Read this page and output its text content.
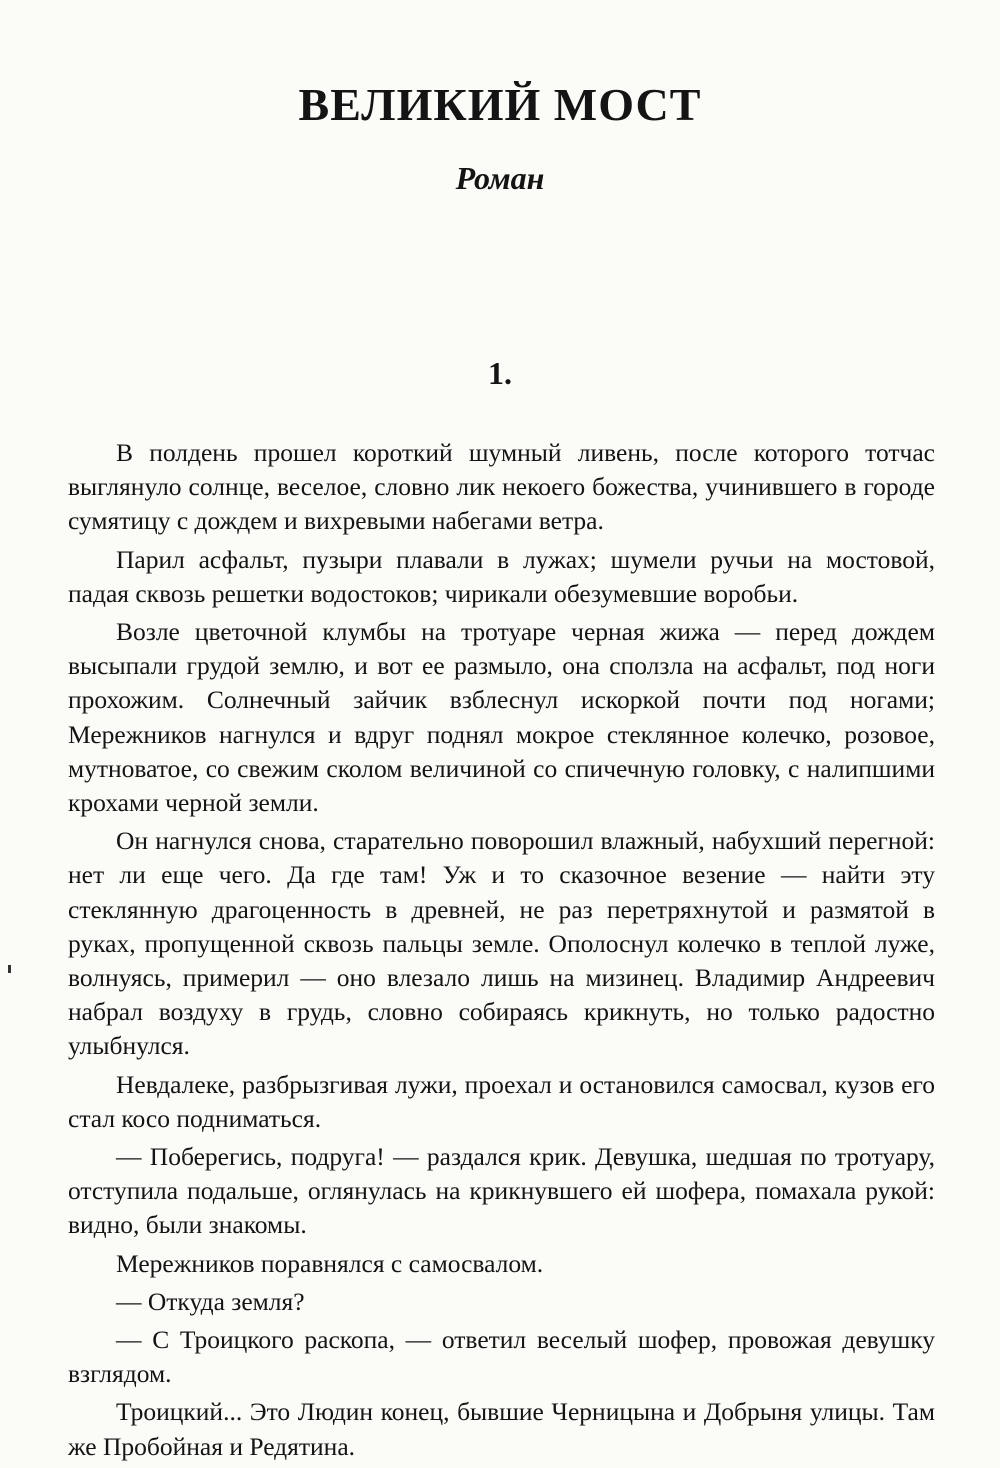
ВЕЛИКИЙ МОСТ
Роман
1.

В полдень прошел короткий шумный ливень, после которого тотчас выглянуло солнце, веселое, словно лик некоего божества, учинившего в городе сумятицу с дождем и вихревыми набегами ветра.

Парил асфальт, пузыри плавали в лужах; шумели ручьи на мостовой, падая сквозь решетки водостоков; чирикали обезумевшие воробьи.

Возле цветочной клумбы на тротуаре черная жижа — перед дождем высыпали грудой землю, и вот ее размыло, она сползла на асфальт, под ноги прохожим. Солнечный зайчик взблеснул искоркой почти под ногами; Мережников нагнулся и вдруг поднял мокрое стеклянное колечко, розовое, мутноватое, со свежим сколом величиной со спичечную головку, с налипшими крохами черной земли.

Он нагнулся снова, старательно поворошил влажный, набухший перегной: нет ли еще чего. Да где там! Уж и то сказочное везение — найти эту стеклянную драгоценность в древней, не раз перетряхнутой и размятой в руках, пропущенной сквозь пальцы земле. Ополоснул колечко в теплой луже, волнуясь, примерил — оно влезало лишь на мизинец. Владимир Андреевич набрал воздуху в грудь, словно собираясь крикнуть, но только радостно улыбнулся.

Невдалеке, разбрызгивая лужи, проехал и остановился самосвал, кузов его стал косо подниматься.

— Поберегись, подруга! — раздался крик. Девушка, шедшая по тротуару, отступила подальше, оглянулась на крикнувшего ей шофера, помахала рукой: видно, были знакомы.

Мережников поравнялся с самосвалом.

— Откуда земля?

— С Троицкого раскопа, — ответил веселый шофер, провожая девушку взглядом.

Троицкий... Это Людин конец, бывшие Черницына и Добрыня улицы. Там же Пробойная и Редятина.
